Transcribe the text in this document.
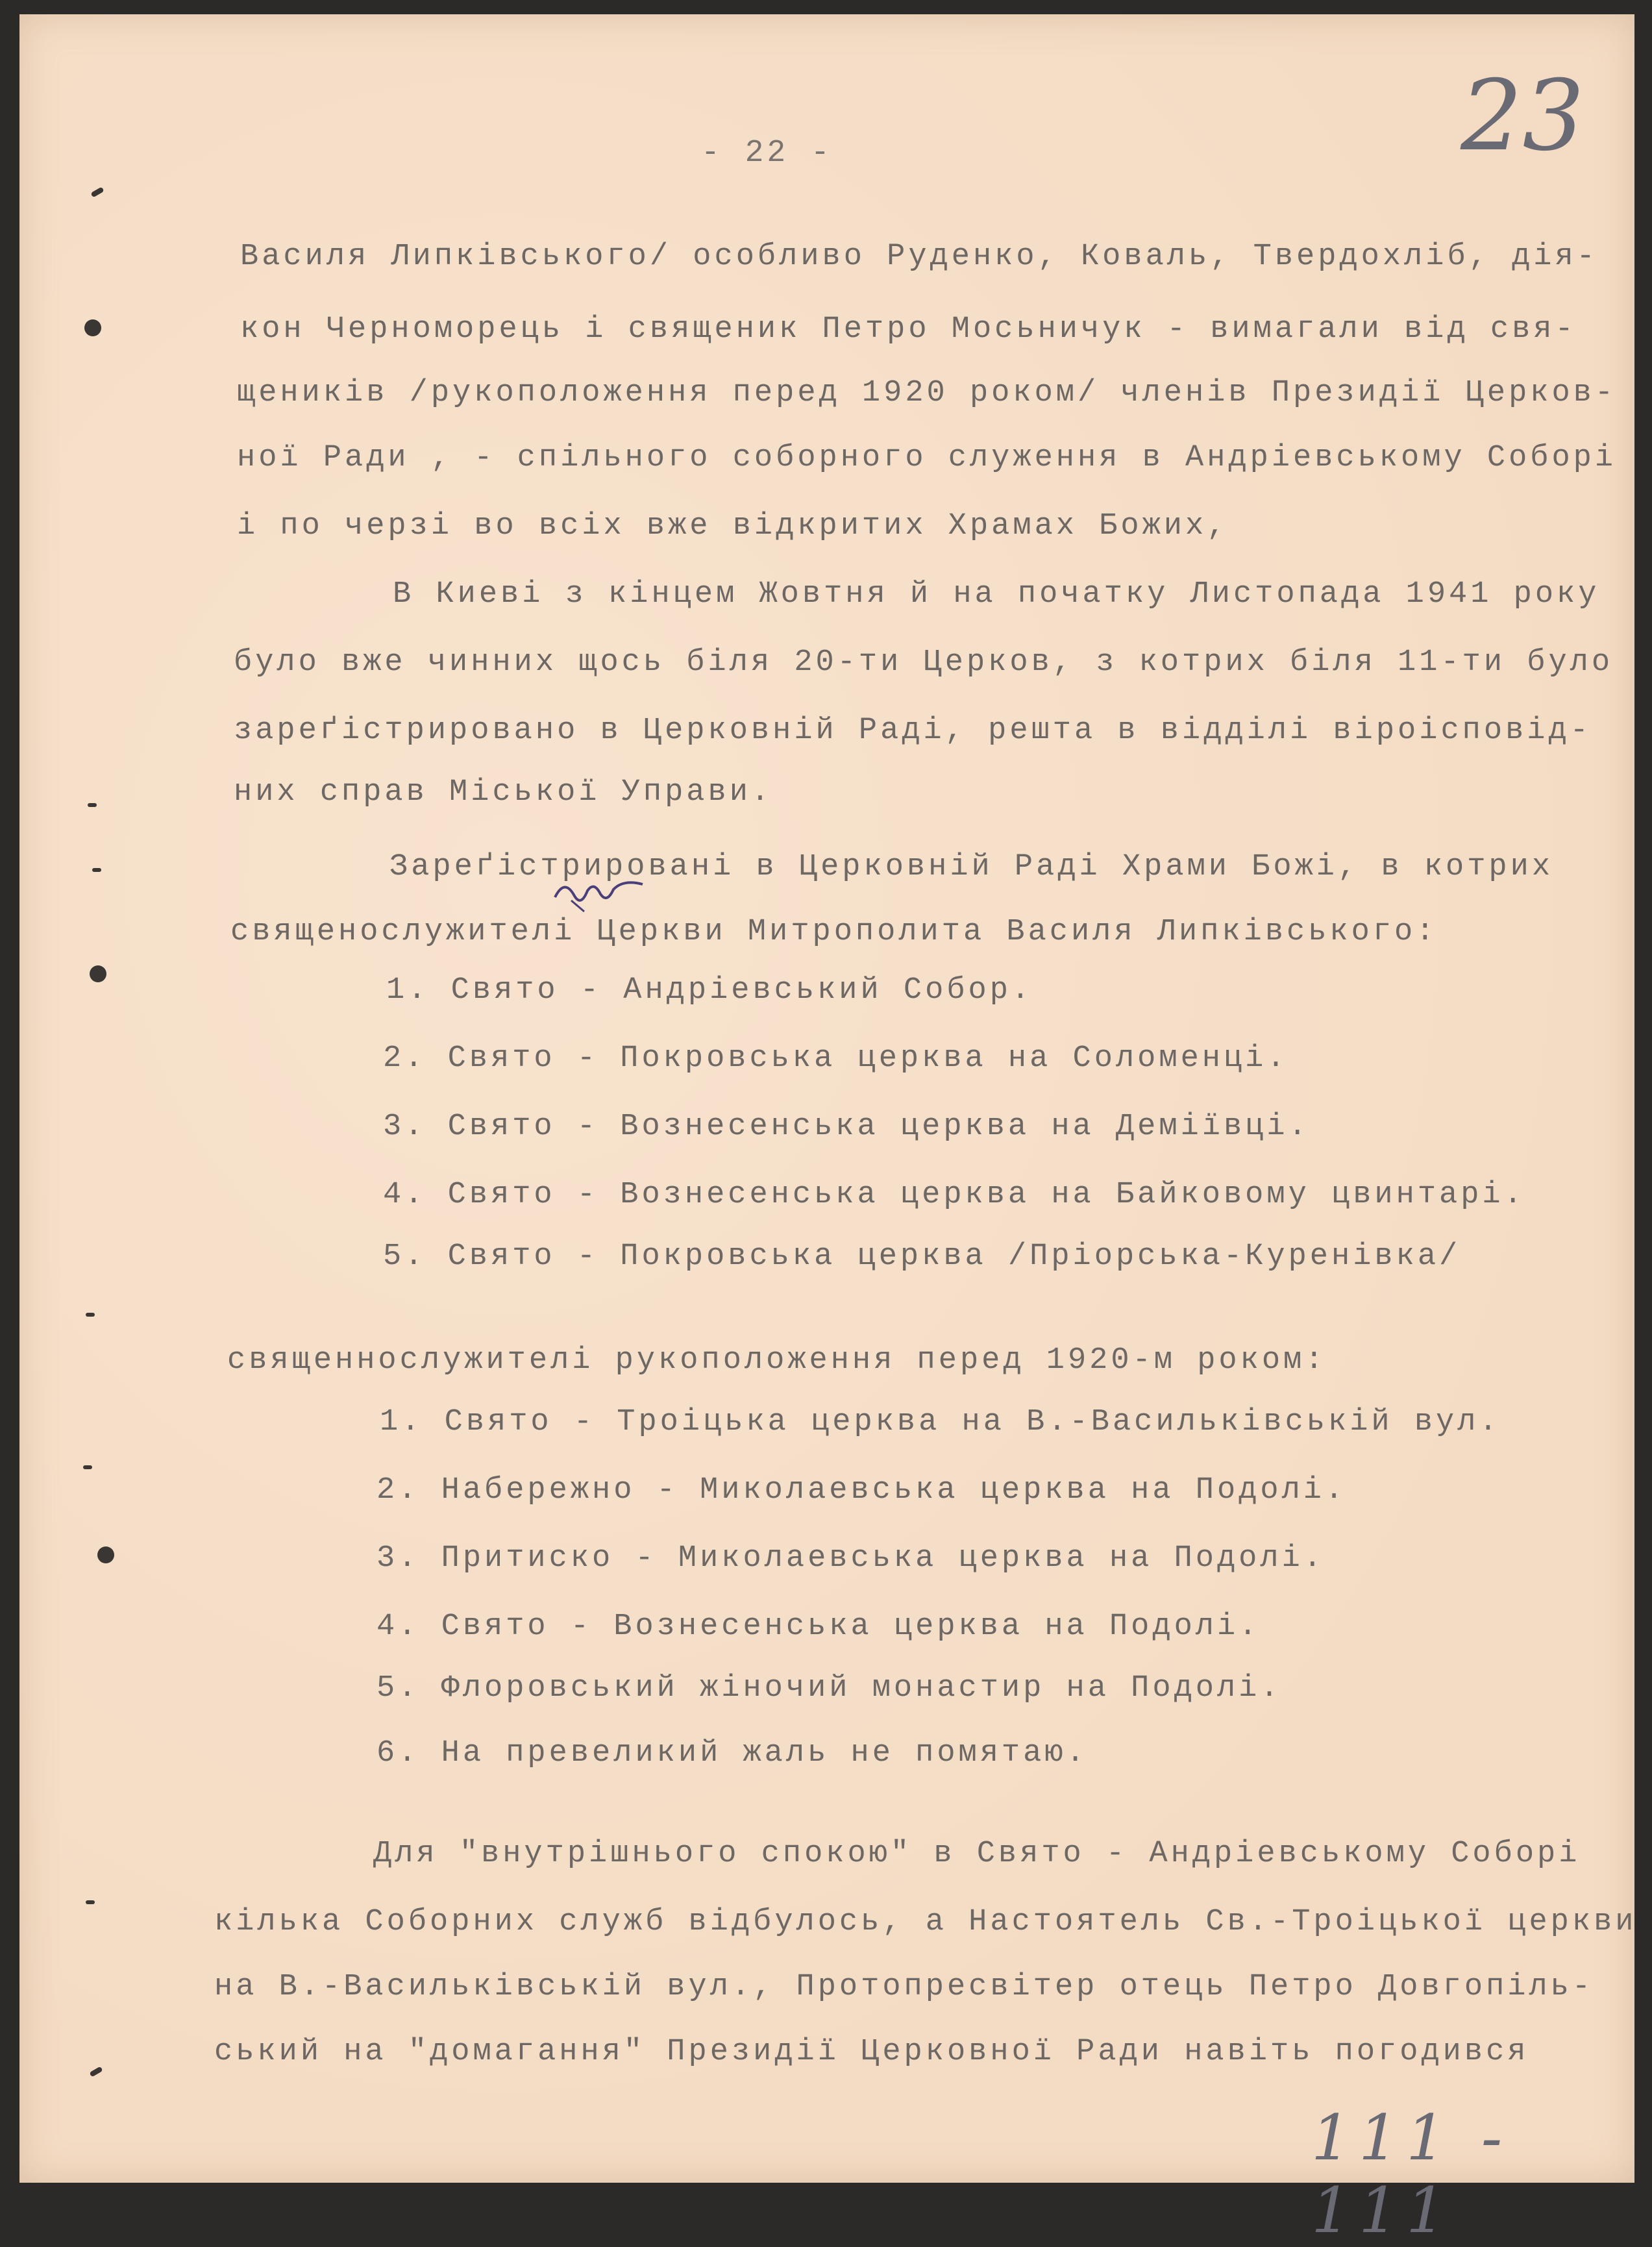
23
- 22 -
Василя Липківського/ особливо Руденко, Коваль, Твердохліб, дія-
кон Черноморець і священик Петро Мосьничук - вимагали від свя-
щеників /рукоположення перед 1920 роком/ членів Президії Церков-
ної Ради , - спільного соборного служення в Андріевському Соборі
і по черзі во всіх вже відкритих Храмах Божих,
В Киеві з кінцем Жовтня й на початку Листопада 1941 року
було вже чинних щось біля 20-ти Церков, з котрих біля 11-ти було
зареґістрировано в Церковній Раді, решта в відділі віроісповід-
них справ Міської Управи.
Зареґістрировані в Церковній Раді Храми Божі, в котрих
священослужителі Церкви Митрополита Василя Липківського:
1. Свято - Андріевський Собор.
2. Свято - Покровська церква на Соломенці.
3. Свято - Вознесенська церква на Деміївці.
4. Свято - Вознесенська церква на Байковому цвинтарі.
5. Свято - Покровська церква /Пріорська-Куренівка/
священнослужителі рукоположення перед 1920-м роком:
1. Свято - Троіцька церква на В.-Васильківській вул.
2. Набережно - Миколаевська церква на Подолі.
3. Притиско - Миколаевська церква на Подолі.
4. Свято - Вознесенська церква на Подолі.
5. Флоровський жіночий монастир на Подолі.
6. На превеликий жаль не помятаю.
Для "внутрішнього спокою" в Свято - Андріевському Соборі
кілька Соборних служб відбулось, а Настоятель Св.-Троіцької церкви
на В.-Васильківській вул., Протопресвітер отець Петро Довгопіль-
ський на "домагання" Президії Церковної Ради навіть погодився
111 - 111
